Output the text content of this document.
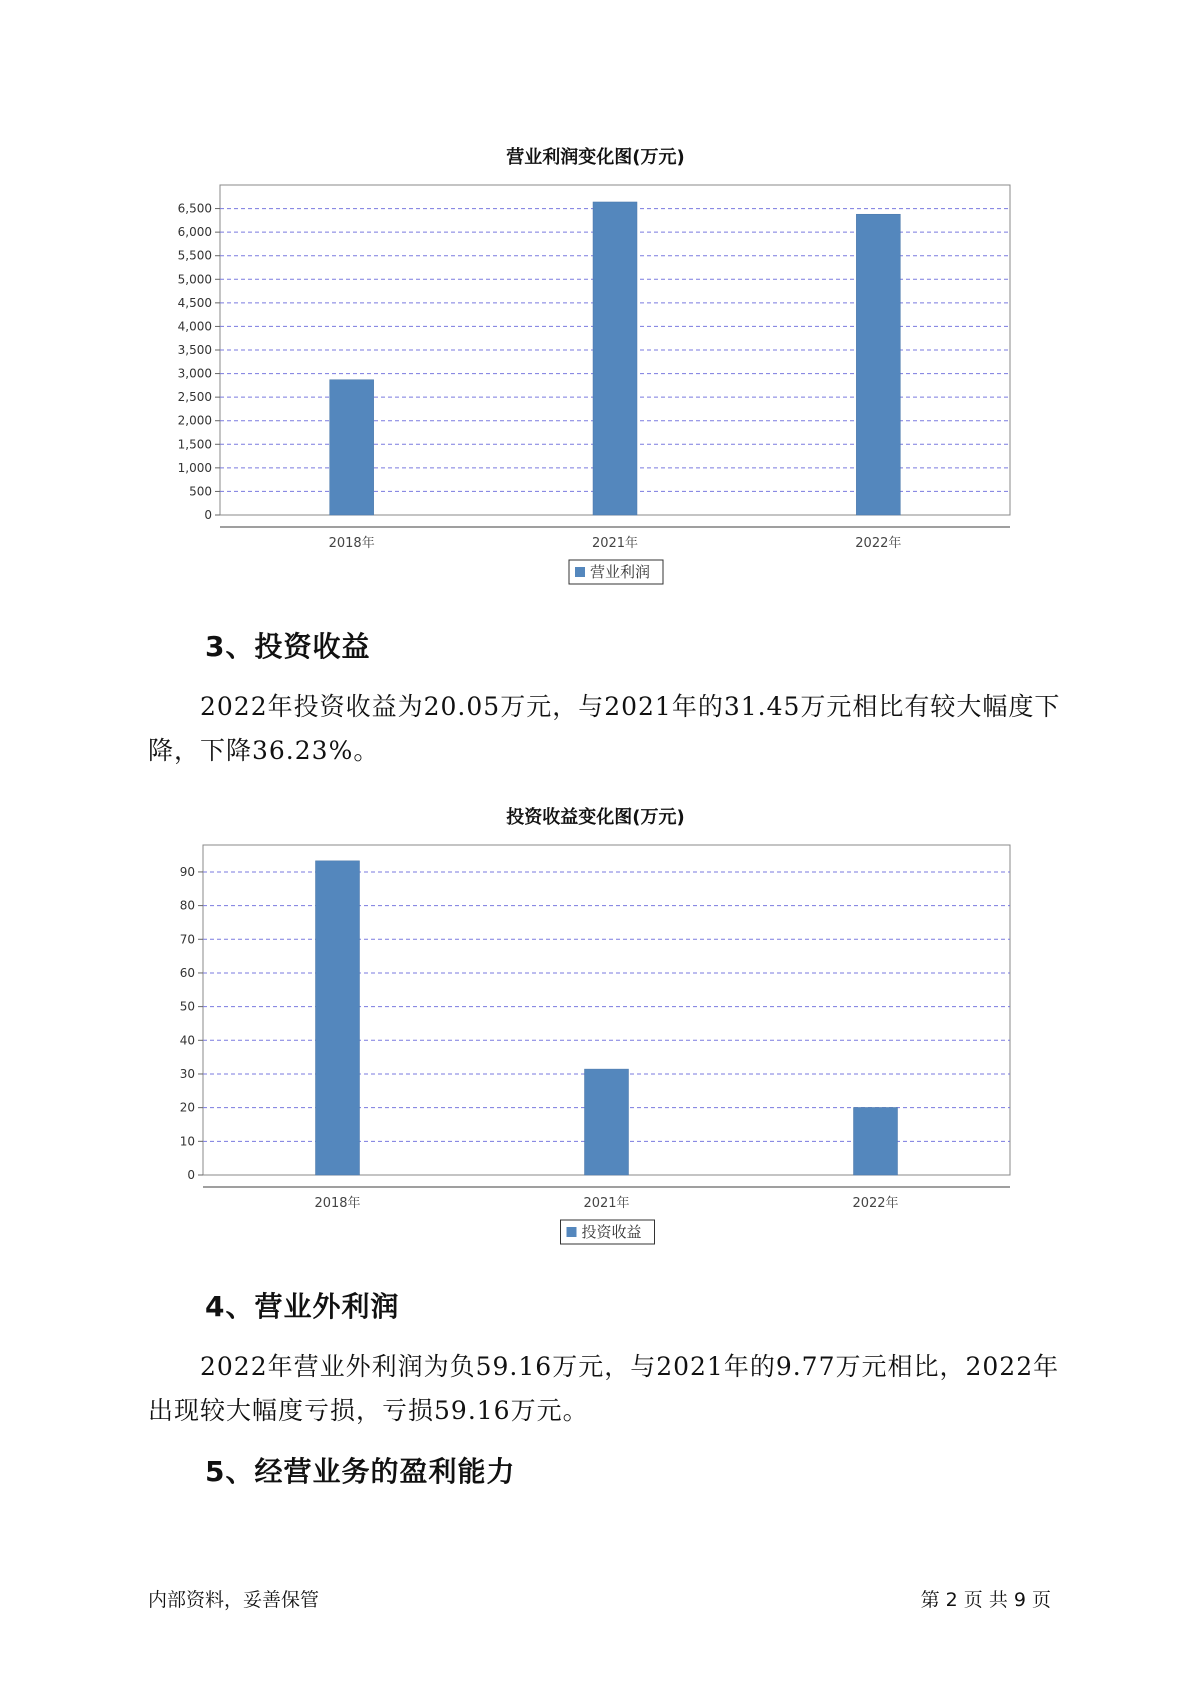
营业利润变化图(万元)
0
500
1,000
1,500
2,000
2,500
3,000
3,500
4,000
4,500
5,000
5,500
6,000
6,500
2018年	2021年	2022年
营业利润
3、投资收益

2022年投资收益为20.05万元，与2021年的31.45万元相比有较大幅度下降，下降36.23%。

投资收益变化图(万元)
0
10
20
30
40
50
60
70
80
90
2018年	2021年	2022年
投资收益
4、营业外利润

2022年营业外利润为负59.16万元，与2021年的9.77万元相比，2022年出现较大幅度亏损，亏损59.16万元。

5、经营业务的盈利能力
内部资料，妥善保管	第 2 页 共 9 页
